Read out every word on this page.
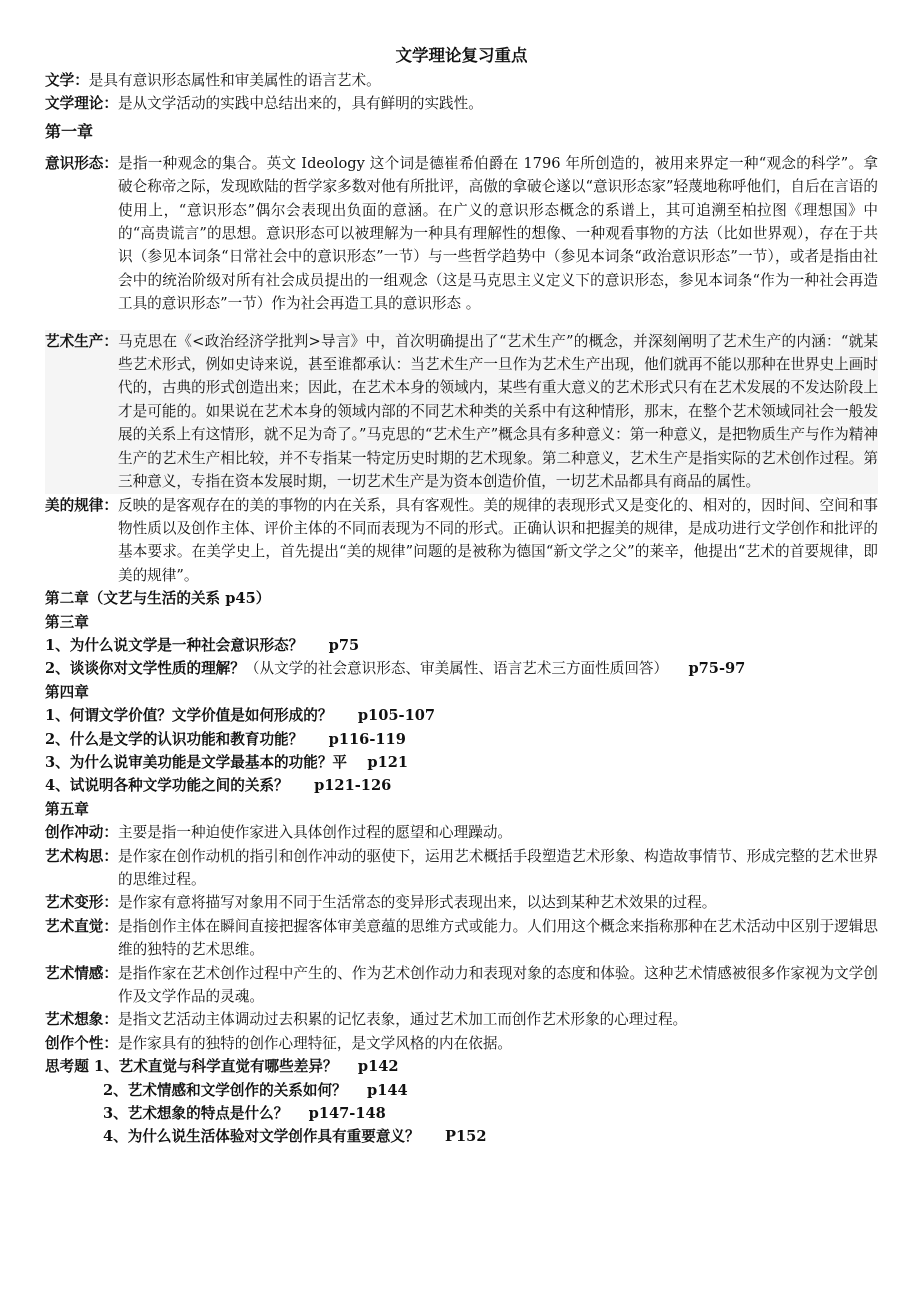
文学理论复习重点

文学： 是具有意识形态属性和审美属性的语言艺术。
文学理论： 是从文学活动的实践中总结出来的，具有鲜明的实践性。

第一章

意识形态： 是指一种观念的集合。英文 Ideology 这个词是德崔希伯爵在 1796 年所创造的，被用来界定一种“观念的科学”。拿破仑称帝之际，发现欧陆的哲学家多数对他有所批评，高傲的拿破仑遂以“意识形态家”轻蔑地称呼他们，自后在言语的使用上，“意识形态”偶尔会表现出负面的意涵。在广义的意识形态概念的系谱上，其可追溯至柏拉图《理想国》中的“高贵谎言”的思想。意识形态可以被理解为一种具有理解性的想像、一种观看事物的方法（比如世界观），存在于共识（参见本词条“日常社会中的意识形态”一节）与一些哲学趋势中（参见本词条“政治意识形态”一节），或者是指由社会中的统治阶级对所有社会成员提出的一组观念（这是马克思主义定义下的意识形态，参见本词条“作为一种社会再造工具的意识形态”一节）作为社会再造工具的意识形态 。
艺术生产： 马克思在《<政治经济学批判>导言》中，首次明确提出了“艺术生产”的概念，并深刻阐明了艺术生产的内涵：“就某些艺术形式，例如史诗来说，甚至谁都承认：当艺术生产一旦作为艺术生产出现，他们就再不能以那种在世界史上画时代的，古典的形式创造出来；因此，在艺术本身的领域内，某些有重大意义的艺术形式只有在艺术发展的不发达阶段上才是可能的。如果说在艺术本身的领域内部的不同艺术种类的关系中有这种情形，那末，在整个艺术领域同社会一般发展的关系上有这情形，就不足为奇了。”马克思的“艺术生产”概念具有多种意义：第一种意义，是把物质生产与作为精神生产的艺术生产相比较，并不专指某一特定历史时期的艺术现象。第二种意义，艺术生产是指实际的艺术创作过程。第三种意义，专指在资本发展时期，一切艺术生产是为资本创造价值，一切艺术品都具有商品的属性。
美的规律： 反映的是客观存在的美的事物的内在关系，具有客观性。美的规律的表现形式又是变化的、相对的，因时间、空间和事物性质以及创作主体、评价主体的不同而表现为不同的形式。正确认识和把握美的规律，是成功进行文学创作和批评的基本要求。在美学史上，首先提出“美的规律”问题的是被称为德国“新文学之父”的莱辛，他提出“艺术的首要规律，即美的规律”。

第二章（文艺与生活的关系 p45）

第三章

1、为什么说文学是一种社会意识形态？ p75

2、谈谈你对文学性质的理解？（从文学的社会意识形态、审美属性、语言艺术三方面性质回答） p75-97

第四章

1、何谓文学价值？文学价值是如何形成的？ p105-107

2、什么是文学的认识功能和教育功能？ p116-119

3、为什么说审美功能是文学最基本的功能？平 p121

4、试说明各种文学功能之间的关系？ p121-126

第五章

创作冲动： 主要是指一种迫使作家进入具体创作过程的愿望和心理躁动。
艺术构思： 是作家在创作动机的指引和创作冲动的驱使下，运用艺术概括手段塑造艺术形象、构造故事情节、形成完整的艺术世界的思维过程。
艺术变形： 是作家有意将描写对象用不同于生活常态的变异形式表现出来，以达到某种艺术效果的过程。
艺术直觉： 是指创作主体在瞬间直接把握客体审美意蕴的思维方式或能力。人们用这个概念来指称那种在艺术活动中区别于逻辑思维的独特的艺术思维。
艺术情感： 是指作家在艺术创作过程中产生的、作为艺术创作动力和表现对象的态度和体验。这种艺术情感被很多作家视为文学创作及文学作品的灵魂。
艺术想象： 是指文艺活动主体调动过去积累的记忆表象，通过艺术加工而创作艺术形象的心理过程。
创作个性： 是作家具有的独特的创作心理特征，是文学风格的内在依据。

思考题 1、艺术直觉与科学直觉有哪些差异？ p142

2、艺术情感和文学创作的关系如何？ p144

3、艺术想象的特点是什么？ p147-148

4、为什么说生活体验对文学创作具有重要意义？ P152
